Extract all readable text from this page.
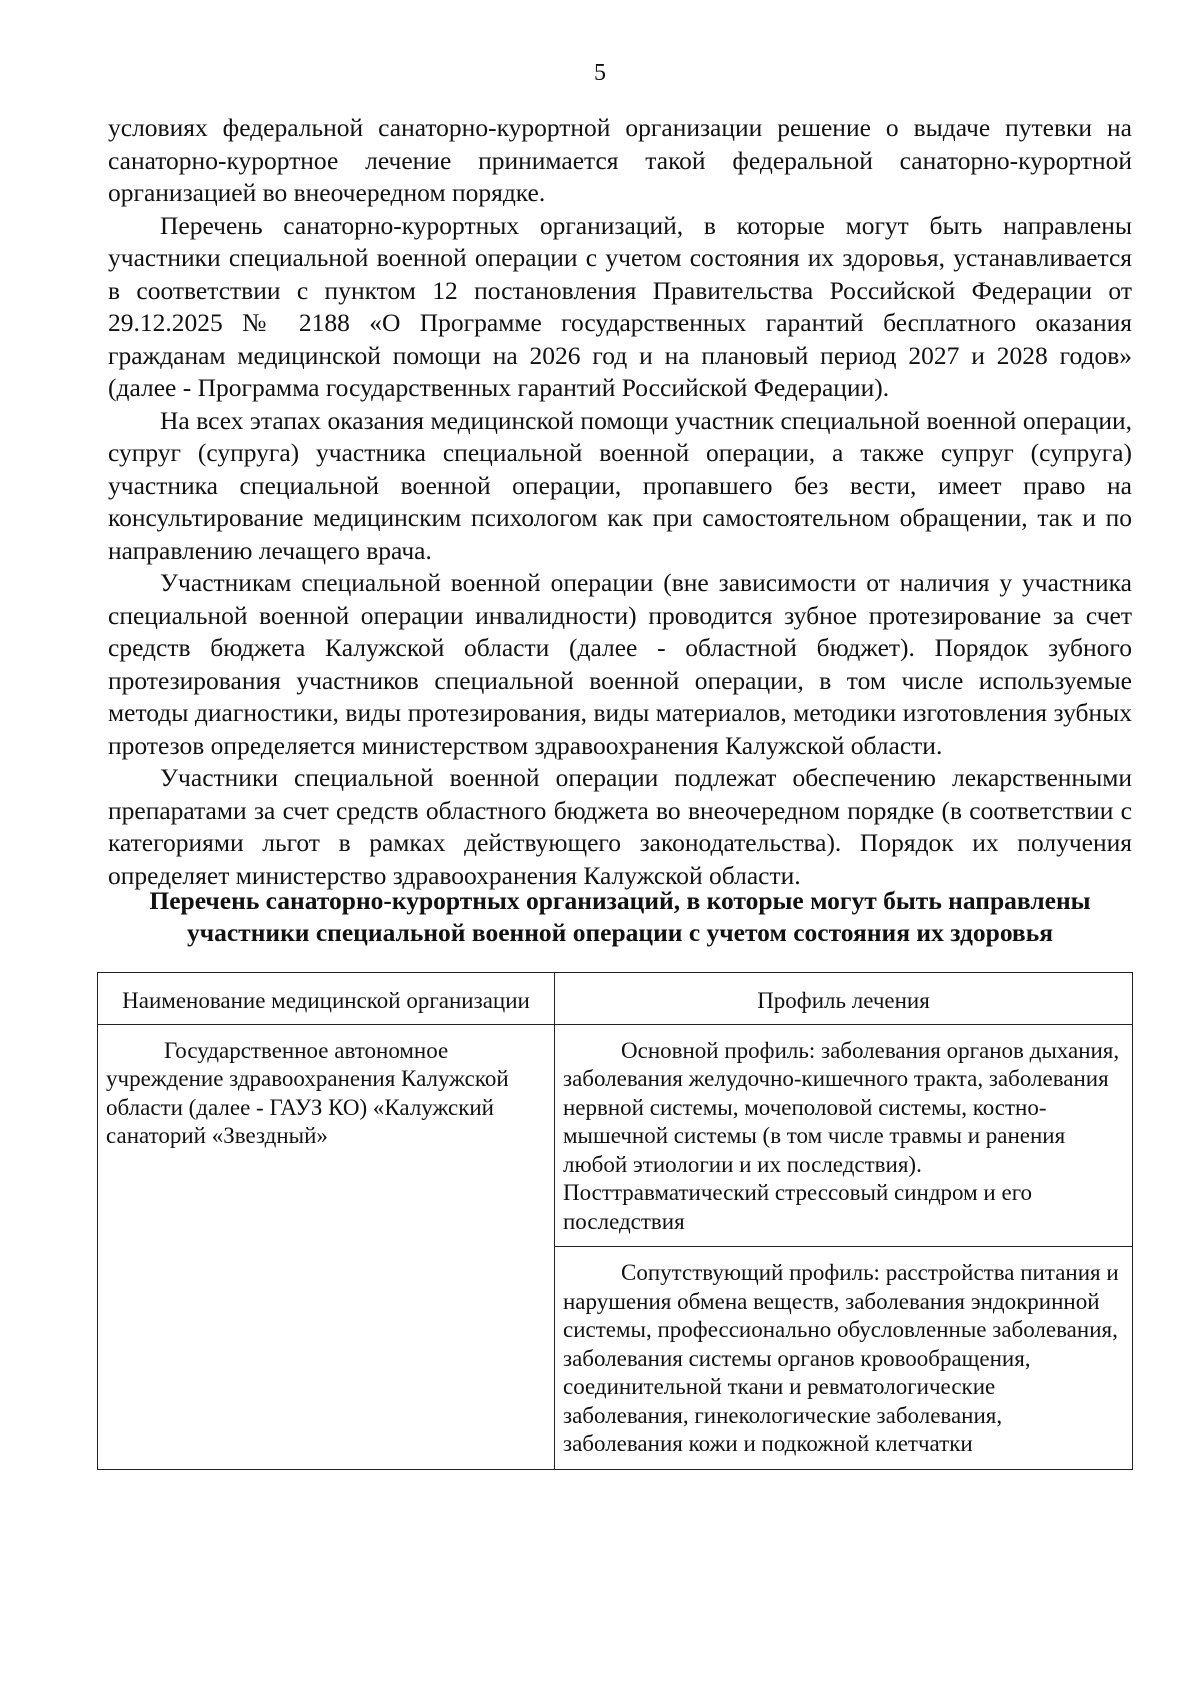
5

условиях федеральной санаторно-курортной организации решение о выдаче путевки на санаторно-курортное лечение принимается такой федеральной санаторно-курортной организацией во внеочередном порядке.

Перечень санаторно-курортных организаций, в которые могут быть направлены участники специальной военной операции с учетом состояния их здоровья, устанавливается в соответствии с пунктом 12 постановления Правительства Российской Федерации от 29.12.2025 № 2188 «О Программе государственных гарантий бесплатного оказания гражданам медицинской помощи на 2026 год и на плановый период 2027 и 2028 годов» (далее - Программа государственных гарантий Российской Федерации).

На всех этапах оказания медицинской помощи участник специальной военной операции, супруг (супруга) участника специальной военной операции, а также супруг (супруга) участника специальной военной операции, пропавшего без вести, имеет право на консультирование медицинским психологом как при самостоятельном обращении, так и по направлению лечащего врача.

Участникам специальной военной операции (вне зависимости от наличия у участника специальной военной операции инвалидности) проводится зубное протезирование за счет средств бюджета Калужской области (далее - областной бюджет). Порядок зубного протезирования участников специальной военной операции, в том числе используемые методы диагностики, виды протезирования, виды материалов, методики изготовления зубных протезов определяется министерством здравоохранения Калужской области.

Участники специальной военной операции подлежат обеспечению лекарственными препаратами за счет средств областного бюджета во внеочередном порядке (в соответствии с категориями льгот в рамках действующего законодательства). Порядок их получения определяет министерство здравоохранения Калужской области.

Перечень санаторно-курортных организаций, в которые могут быть направлены участники специальной военной операции с учетом состояния их здоровья
Наименование медицинской организации	Профиль лечения

Государственное автономное учреждение здравоохранения Калужской области (далее - ГАУЗ КО) «Калужский санаторий «Звездный»	Основной профиль: заболевания органов дыхания, заболевания желудочно-кишечного тракта, заболевания нервной системы, мочеполовой системы, костно-мышечной системы (в том числе травмы и ранения любой этиологии и их последствия). Посттравматический стрессовый синдром и его последствия

	Сопутствующий профиль: расстройства питания и нарушения обмена веществ, заболевания эндокринной системы, профессионально обусловленные заболевания, заболевания системы органов кровообращения, соединительной ткани и ревматологические заболевания, гинекологические заболевания, заболевания кожи и подкожной клетчатки
